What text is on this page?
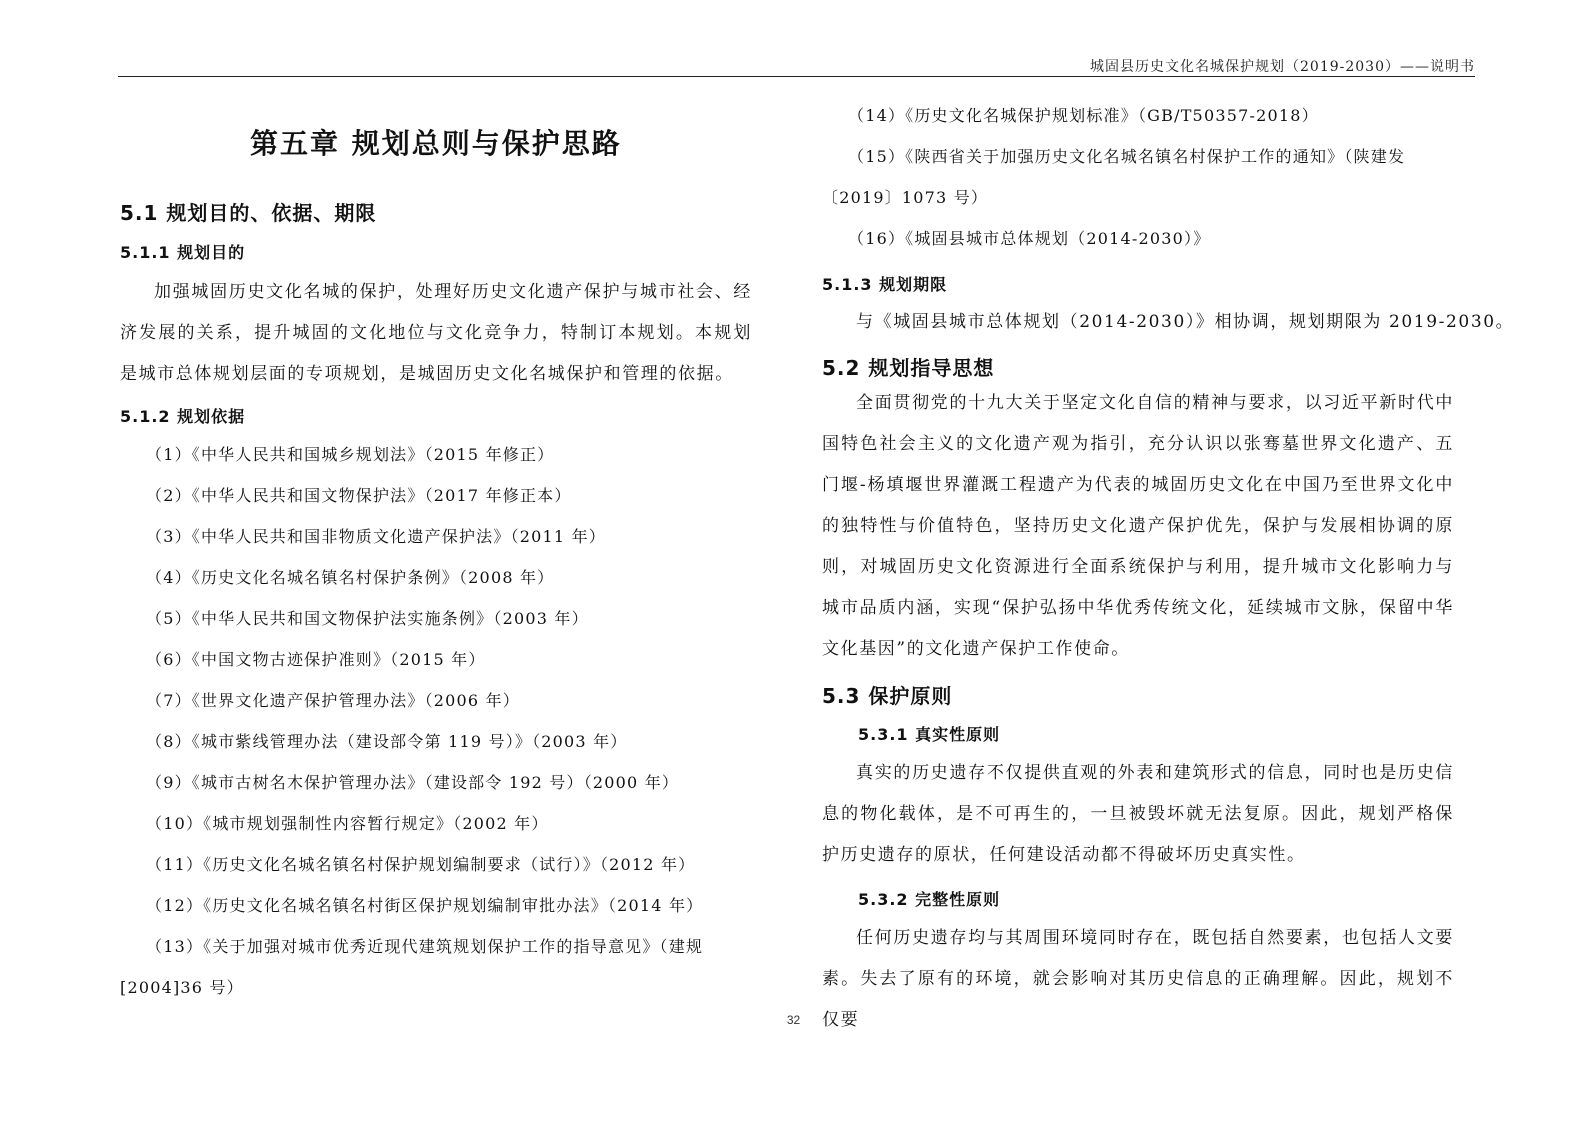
城固县历史文化名城保护规划（2019-2030）——说明书
第五章 规划总则与保护思路
5.1 规划目的、依据、期限
5.1.1 规划目的

加强城固历史文化名城的保护，处理好历史文化遗产保护与城市社会、经济发展的关系，提升城固的文化地位与文化竞争力，特制订本规划。本规划是城市总体规划层面的专项规划，是城固历史文化名城保护和管理的依据。

5.1.2 规划依据

（1）《中华人民共和国城乡规划法》（2015 年修正）

（2）《中华人民共和国文物保护法》（2017 年修正本）

（3）《中华人民共和国非物质文化遗产保护法》（2011 年）

（4）《历史文化名城名镇名村保护条例》（2008 年）

（5）《中华人民共和国文物保护法实施条例》（2003 年）

（6）《中国文物古迹保护准则》（2015 年）

（7）《世界文化遗产保护管理办法》（2006 年）

（8）《城市紫线管理办法（建设部令第 119 号）》（2003 年）

（9）《城市古树名木保护管理办法》（建设部令 192 号）（2000 年）

（10）《城市规划强制性内容暂行规定》（2002 年）

（11）《历史文化名城名镇名村保护规划编制要求（试行）》（2012 年）

（12）《历史文化名城名镇名村街区保护规划编制审批办法》（2014 年）

（13）《关于加强对城市优秀近现代建筑规划保护工作的指导意见》（建规[2004]36 号）

（14）《历史文化名城保护规划标准》（GB/T50357-2018）

（15）《陕西省关于加强历史文化名城名镇名村保护工作的通知》（陕建发〔2019〕1073 号）

（16）《城固县城市总体规划（2014-2030）》

5.1.3 规划期限

与《城固县城市总体规划（2014-2030）》相协调，规划期限为 2019-2030。

5.2 规划指导思想

全面贯彻党的十九大关于坚定文化自信的精神与要求，以习近平新时代中国特色社会主义的文化遗产观为指引，充分认识以张骞墓世界文化遗产、五门堰-杨填堰世界灌溉工程遗产为代表的城固历史文化在中国乃至世界文化中的独特性与价值特色，坚持历史文化遗产保护优先，保护与发展相协调的原则，对城固历史文化资源进行全面系统保护与利用，提升城市文化影响力与城市品质内涵，实现“保护弘扬中华优秀传统文化，延续城市文脉，保留中华文化基因”的文化遗产保护工作使命。

5.3 保护原则
5.3.1 真实性原则

真实的历史遗存不仅提供直观的外表和建筑形式的信息，同时也是历史信息的物化载体，是不可再生的，一旦被毁坏就无法复原。因此，规划严格保护历史遗存的原状，任何建设活动都不得破坏历史真实性。

5.3.2 完整性原则

任何历史遗存均与其周围环境同时存在，既包括自然要素，也包括人文要素。失去了原有的环境，就会影响对其历史信息的正确理解。因此，规划不仅要

32
